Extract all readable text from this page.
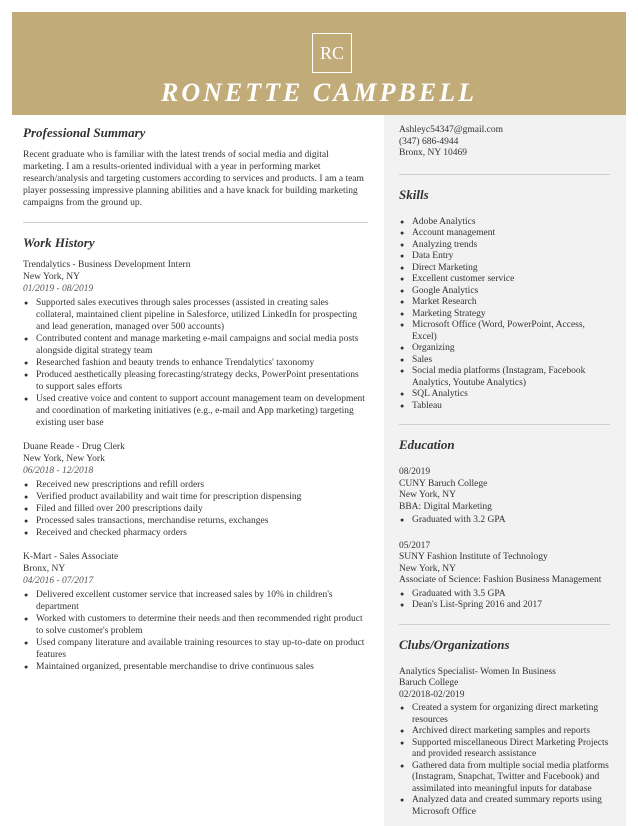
RC
RONETTE CAMPBELL
Professional Summary

Recent graduate who is familiar with the latest trends of social media and digital marketing. I am a results-oriented individual with a year in performing market research/analysis and targeting customers according to services and products. I am a team player possessing impressive planning abilities and a have knack for building marketing campaigns from the ground up.

Work History
Trendalytics - Business Development Intern
New York, NY
01/2019 - 08/2019
● Supported sales executives through sales processes (assisted in creating sales collateral, maintained client pipeline in Salesforce, utilized LinkedIn for prospecting and lead generation, managed over 500 accounts)
● Contributed content and manage marketing e-mail campaigns and social media posts alongside digital strategy team
● Researched fashion and beauty trends to enhance Trendalytics' taxonomy
● Produced aesthetically pleasing forecasting/strategy decks, PowerPoint presentations to support sales efforts
● Used creative voice and content to support account management team on development and coordination of marketing initiatives (e.g., e-mail and App marketing) targeting existing user base
Duane Reade - Drug Clerk
New York, New York
06/2018 - 12/2018
● Received new prescriptions and refill orders
● Verified product availability and wait time for prescription dispensing
● Filed and filled over 200 prescriptions daily
● Processed sales transactions, merchandise returns, exchanges
● Received and checked pharmacy orders
K-Mart - Sales Associate
Bronx, NY
04/2016 - 07/2017
● Delivered excellent customer service that increased sales by 10% in children's department
● Worked with customers to determine their needs and then recommended right product to solve customer's problem
● Used company literature and available training resources to stay up-to-date on product features
● Maintained organized, presentable merchandise to drive continuous sales
Ashleyc54347@gmail.com
(347) 686-4944
Bronx, NY 10469
Skills
● Adobe Analytics
● Account management
● Analyzing trends
● Data Entry
● Direct Marketing
● Excellent customer service
● Google Analytics
● Market Research
● Marketing Strategy
● Microsoft Office (Word, PowerPoint, Access, Excel)
● Organizing
● Sales
● Social media platforms (Instagram, Facebook Analytics, Youtube Analytics)
● SQL Analytics
● Tableau
Education
08/2019
CUNY Baruch College
New York, NY
BBA: Digital Marketing
● Graduated with 3.2 GPA
05/2017
SUNY Fashion Institute of Technology
New York, NY
Associate of Science: Fashion Business Management
● Graduated with 3.5 GPA
● Dean's List-Spring 2016 and 2017
Clubs/Organizations
Analytics Specialist- Women In Business
Baruch College
02/2018-02/2019
● Created a system for organizing direct marketing resources
● Archived direct marketing samples and reports
● Supported miscellaneous Direct Marketing Projects and provided research assistance
● Gathered data from multiple social media platforms (Instagram, Snapchat, Twitter and Facebook) and assimilated into meaningful inputs for database
● Analyzed data and created summary reports using Microsoft Office
